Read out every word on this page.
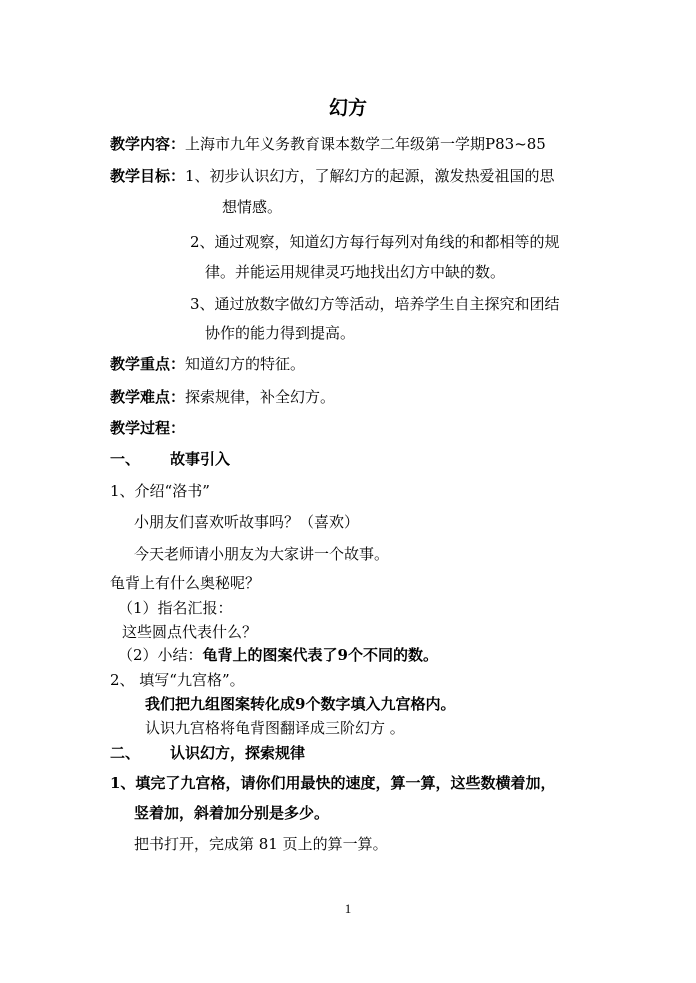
幻方
教学内容：上海市九年义务教育课本数学二年级第一学期P83~85
教学目标：1、初步认识幻方，了解幻方的起源，激发热爱祖国的思
想情感。
2、通过观察，知道幻方每行每列对角线的和都相等的规
律。并能运用规律灵巧地找出幻方中缺的数。
3、通过放数字做幻方等活动，培养学生自主探究和团结
协作的能力得到提高。
教学重点：知道幻方的特征。
教学难点：探索规律，补全幻方。
教学过程：
一、 故事引入
1、介绍“洛书”
小朋友们喜欢听故事吗？（喜欢）
今天老师请小朋友为大家讲一个故事。
龟背上有什么奥秘呢？
（1）指名汇报：
这些圆点代表什么？
（2）小结：龟背上的图案代表了9个不同的数。
2、 填写“九宫格”。
我们把九组图案转化成9个数字填入九宫格内。
认识九宫格将龟背图翻译成三阶幻方 。
二、 认识幻方，探索规律
1、填完了九宫格，请你们用最快的速度，算一算，这些数横着加，
竖着加，斜着加分别是多少。
把书打开，完成第 81 页上的算一算。
1
